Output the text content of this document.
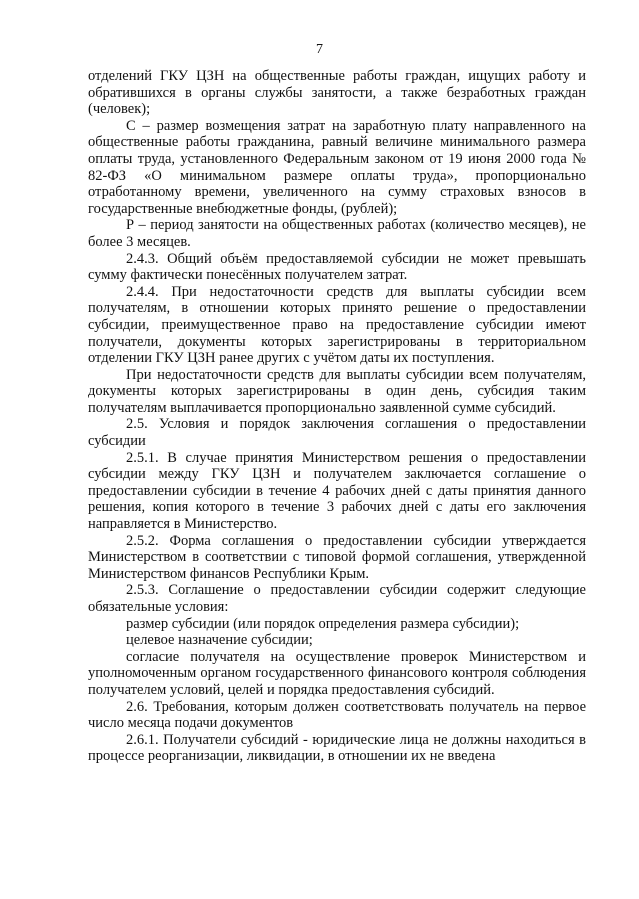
7

отделений ГКУ ЦЗН на общественные работы граждан, ищущих работу и обратившихся в органы службы занятости, а также безработных граждан (человек);

С – размер возмещения затрат на заработную плату направленного на общественные работы гражданина, равный величине минимального размера оплаты труда, установленного Федеральным законом от 19 июня 2000 года № 82-ФЗ «О минимальном размере оплаты труда», пропорционально отработанному времени, увеличенного на сумму страховых взносов в государственные внебюджетные фонды, (рублей);

Р – период занятости на общественных работах (количество месяцев), не более 3 месяцев.

2.4.3. Общий объём предоставляемой субсидии не может превышать сумму фактически понесённых получателем затрат.

2.4.4. При недостаточности средств для выплаты субсидии всем получателям, в отношении которых принято решение о предоставлении субсидии, преимущественное право на предоставление субсидии имеют получатели, документы которых зарегистрированы в территориальном отделении ГКУ ЦЗН ранее других с учётом даты их поступления.

При недостаточности средств для выплаты субсидии всем получателям, документы которых зарегистрированы в один день, субсидия таким получателям выплачивается пропорционально заявленной сумме субсидий.

2.5. Условия и порядок заключения соглашения о предоставлении субсидии

2.5.1. В случае принятия Министерством решения о предоставлении субсидии между ГКУ ЦЗН и получателем заключается соглашение о предоставлении субсидии в течение 4 рабочих дней с даты принятия данного решения, копия которого в течение 3 рабочих дней с даты его заключения направляется в Министерство.

2.5.2. Форма соглашения о предоставлении субсидии утверждается Министерством в соответствии с типовой формой соглашения, утвержденной Министерством финансов Республики Крым.

2.5.3. Соглашение о предоставлении субсидии содержит следующие обязательные условия:

размер субсидии (или порядок определения размера субсидии);

целевое назначение субсидии;

согласие получателя на осуществление проверок Министерством и уполномоченным органом государственного финансового контроля соблюдения получателем условий, целей и порядка предоставления субсидий.

2.6. Требования, которым должен соответствовать получатель на первое число месяца подачи документов

2.6.1. Получатели субсидий - юридические лица не должны находиться в процессе реорганизации, ликвидации, в отношении их не введена
